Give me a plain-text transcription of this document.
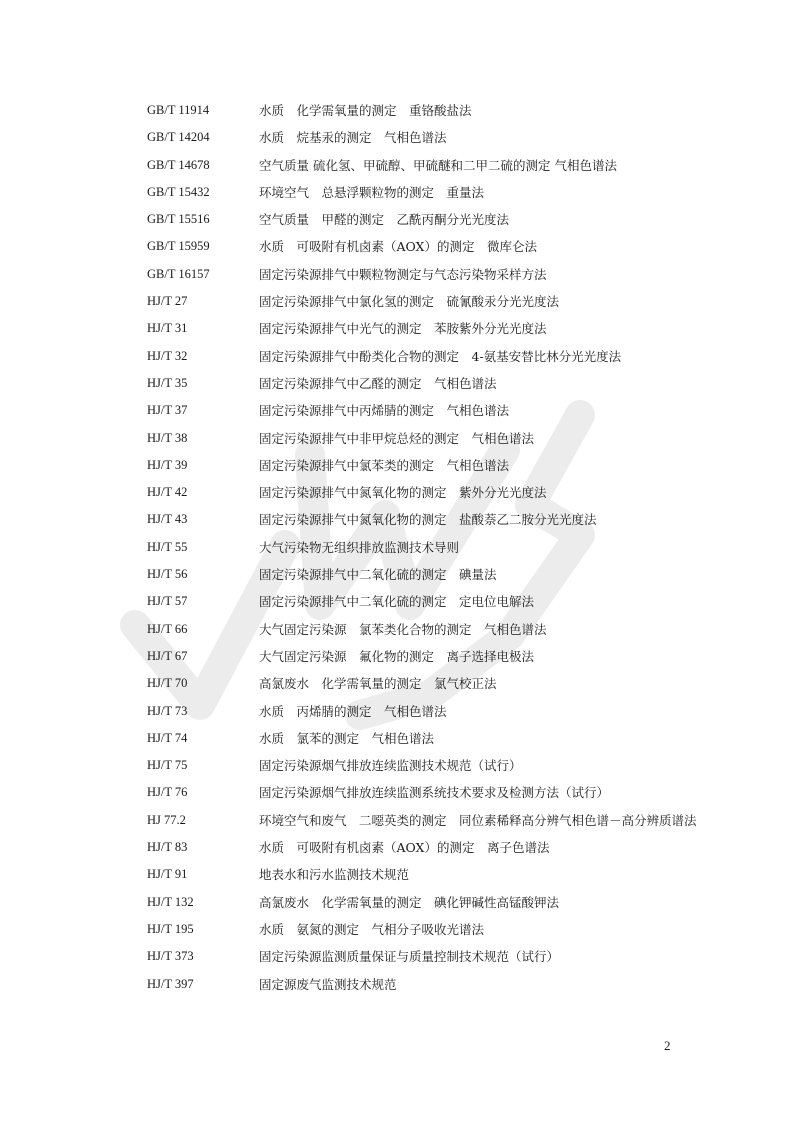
GB/T 11914	水质　化学需氧量的测定　重铬酸盐法
GB/T 14204	水质　烷基汞的测定　气相色谱法
GB/T 14678	空气质量 硫化氢、甲硫醇、甲硫醚和二甲二硫的测定 气相色谱法
GB/T 15432	环境空气　总悬浮颗粒物的测定　重量法
GB/T 15516	空气质量　甲醛的测定　乙酰丙酮分光光度法
GB/T 15959	水质　可吸附有机卤素（AOX）的测定　微库仑法
GB/T 16157	固定污染源排气中颗粒物测定与气态污染物采样方法
HJ/T 27	固定污染源排气中氯化氢的测定　硫氰酸汞分光光度法
HJ/T 31	固定污染源排气中光气的测定　苯胺紫外分光光度法
HJ/T 32	固定污染源排气中酚类化合物的测定　4-氨基安替比林分光光度法
HJ/T 35	固定污染源排气中乙醛的测定　气相色谱法
HJ/T 37	固定污染源排气中丙烯腈的测定　气相色谱法
HJ/T 38	固定污染源排气中非甲烷总烃的测定　气相色谱法
HJ/T 39	固定污染源排气中氯苯类的测定　气相色谱法
HJ/T 42	固定污染源排气中氮氧化物的测定　紫外分光光度法
HJ/T 43	固定污染源排气中氮氧化物的测定　盐酸萘乙二胺分光光度法
HJ/T 55	大气污染物无组织排放监测技术导则
HJ/T 56	固定污染源排气中二氧化硫的测定　碘量法
HJ/T 57	固定污染源排气中二氧化硫的测定　定电位电解法
HJ/T 66	大气固定污染源　氯苯类化合物的测定　气相色谱法
HJ/T 67	大气固定污染源　氟化物的测定　离子选择电极法
HJ/T 70	高氯废水　化学需氧量的测定　氯气校正法
HJ/T 73	水质　丙烯腈的测定　气相色谱法
HJ/T 74	水质　氯苯的测定　气相色谱法
HJ/T 75	固定污染源烟气排放连续监测技术规范（试行）
HJ/T 76	固定污染源烟气排放连续监测系统技术要求及检测方法（试行）
HJ 77.2	环境空气和废气　二噁英类的测定　同位素稀释高分辨气相色谱－高分辨质谱法
HJ/T 83	水质　可吸附有机卤素（AOX）的测定　离子色谱法
HJ/T 91	地表水和污水监测技术规范
HJ/T 132	高氯废水　化学需氧量的测定　碘化钾碱性高锰酸钾法
HJ/T 195	水质　氨氮的测定　气相分子吸收光谱法
HJ/T 373	固定污染源监测质量保证与质量控制技术规范（试行）
HJ/T 397	固定源废气监测技术规范
2
